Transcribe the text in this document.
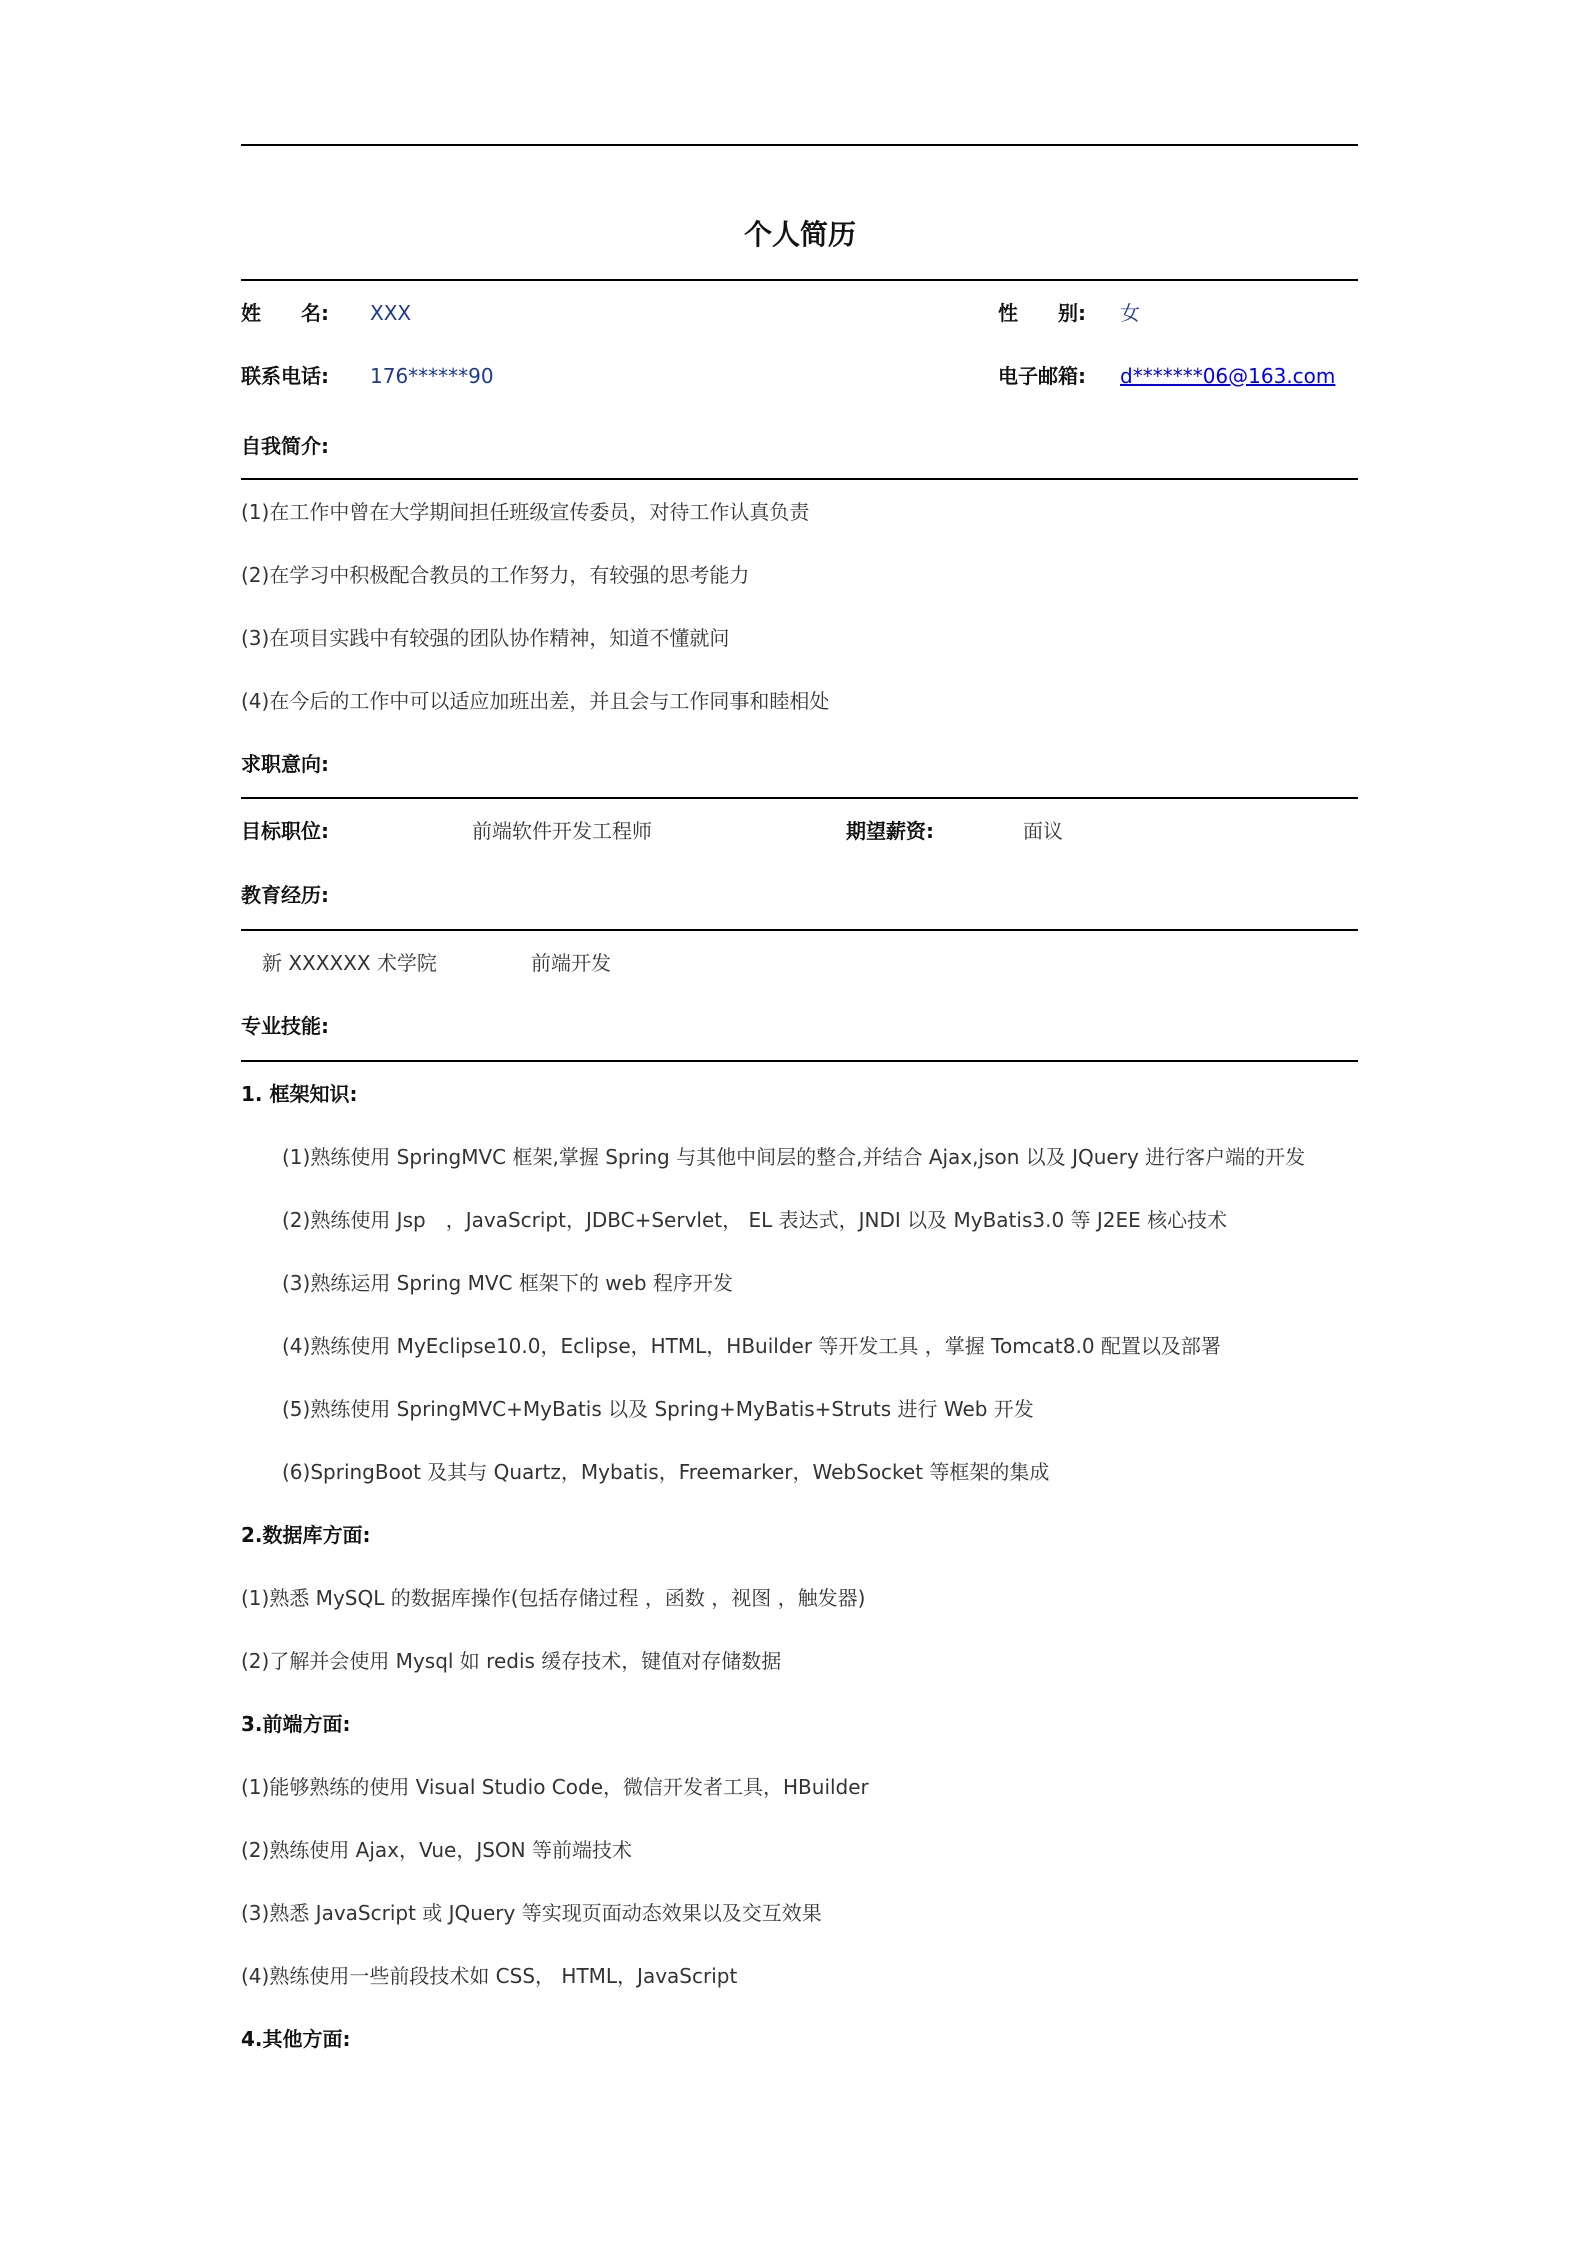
个人简历
姓　　名: XXX	性　　别: 女
联系电话: 176******90	电子邮箱: d*******06@163.com
自我简介:
(1)在工作中曾在大学期间担任班级宣传委员，对待工作认真负责
(2)在学习中积极配合教员的工作努力，有较强的思考能力
(3)在项目实践中有较强的团队协作精神，知道不懂就问
(4)在今后的工作中可以适应加班出差，并且会与工作同事和睦相处
求职意向:
目标职位:	前端软件开发工程师	期望薪资:	面议
教育经历:
新 XXXXXX 术学院	前端开发
专业技能:
1. 框架知识:
(1)熟练使用 SpringMVC 框架,掌握 Spring 与其他中间层的整合,并结合 Ajax,json 以及 JQuery 进行客户端的开发
(2)熟练使用 Jsp　，JavaScript，JDBC+Servlet， EL 表达式，JNDI 以及 MyBatis3.0 等 J2EE 核心技术
(3)熟练运用 Spring MVC 框架下的 web 程序开发
(4)熟练使用 MyEclipse10.0，Eclipse，HTML，HBuilder 等开发工具 ，掌握 Tomcat8.0 配置以及部署
(5)熟练使用 SpringMVC+MyBatis 以及 Spring+MyBatis+Struts 进行 Web 开发
(6)SpringBoot 及其与 Quartz，Mybatis，Freemarker，WebSocket 等框架的集成
2.数据库方面:
(1)熟悉 MySQL 的数据库操作(包括存储过程 ，函数 ，视图 ，触发器)
(2)了解并会使用 Mysql 如 redis 缓存技术，键值对存储数据
3.前端方面:
(1)能够熟练的使用 Visual Studio Code，微信开发者工具，HBuilder
(2)熟练使用 Ajax，Vue，JSON 等前端技术
(3)熟悉 JavaScript 或 JQuery 等实现页面动态效果以及交互效果
(4)熟练使用一些前段技术如 CSS， HTML，JavaScript
4.其他方面:
